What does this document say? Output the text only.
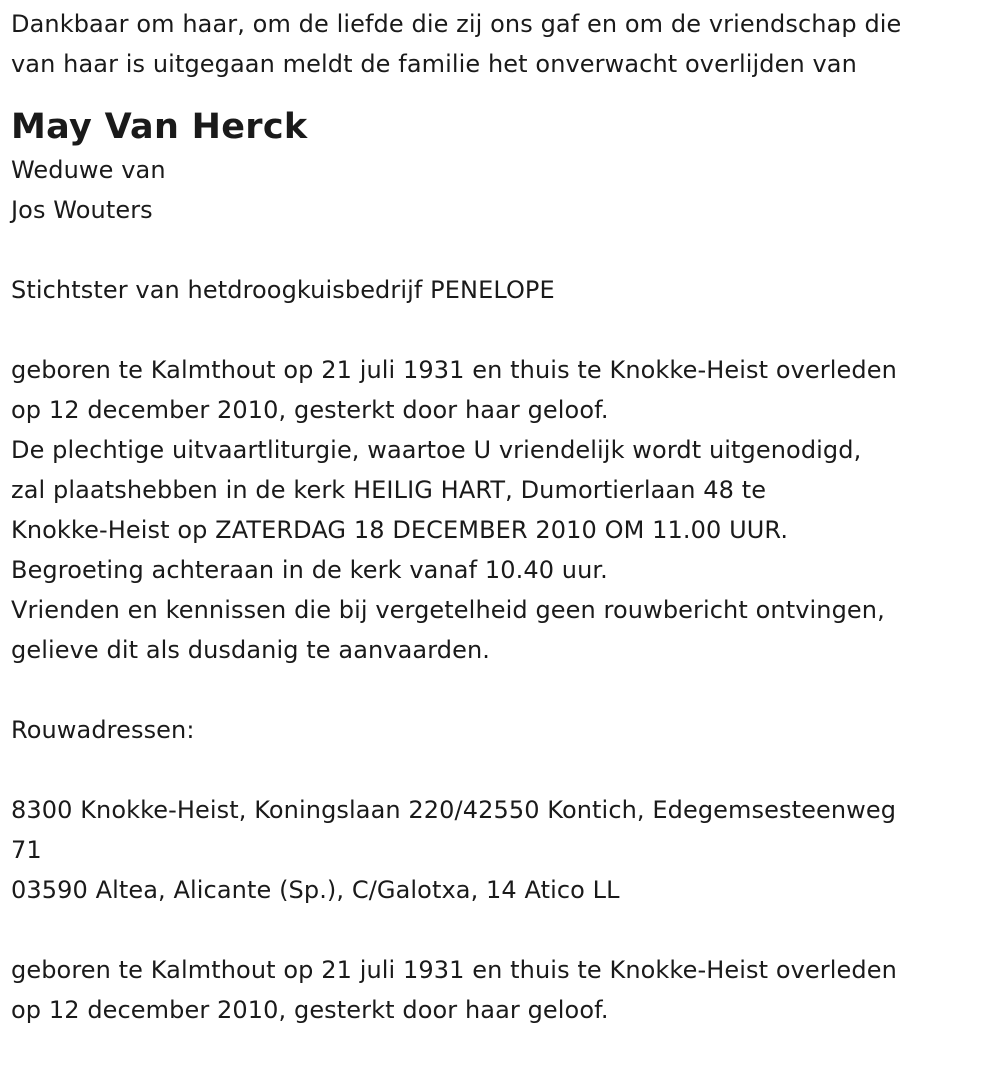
Dankbaar om haar, om de liefde die zij ons gaf en om de vriendschap die
van haar is uitgegaan meldt de familie het onverwacht overlijden van
May Van Herck
Weduwe van
Jos Wouters
Stichtster van hetdroogkuisbedrijf PENELOPE
geboren te Kalmthout op 21 juli 1931 en thuis te Knokke-Heist overleden
op 12 december 2010, gesterkt door haar geloof.
De plechtige uitvaartliturgie, waartoe U vriendelijk wordt uitgenodigd,
zal plaatshebben in de kerk HEILIG HART, Dumortierlaan 48 te
Knokke-Heist op ZATERDAG 18 DECEMBER 2010 OM 11.00 UUR.
Begroeting achteraan in de kerk vanaf 10.40 uur.
Vrienden en kennissen die bij vergetelheid geen rouwbericht ontvingen,
gelieve dit als dusdanig te aanvaarden.
Rouwadressen:
8300 Knokke-Heist, Koningslaan 220/42550 Kontich, Edegemsesteenweg
71
03590 Altea, Alicante (Sp.), C/Galotxa, 14 Atico LL
geboren te Kalmthout op 21 juli 1931 en thuis te Knokke-Heist overleden
op 12 december 2010, gesterkt door haar geloof.
